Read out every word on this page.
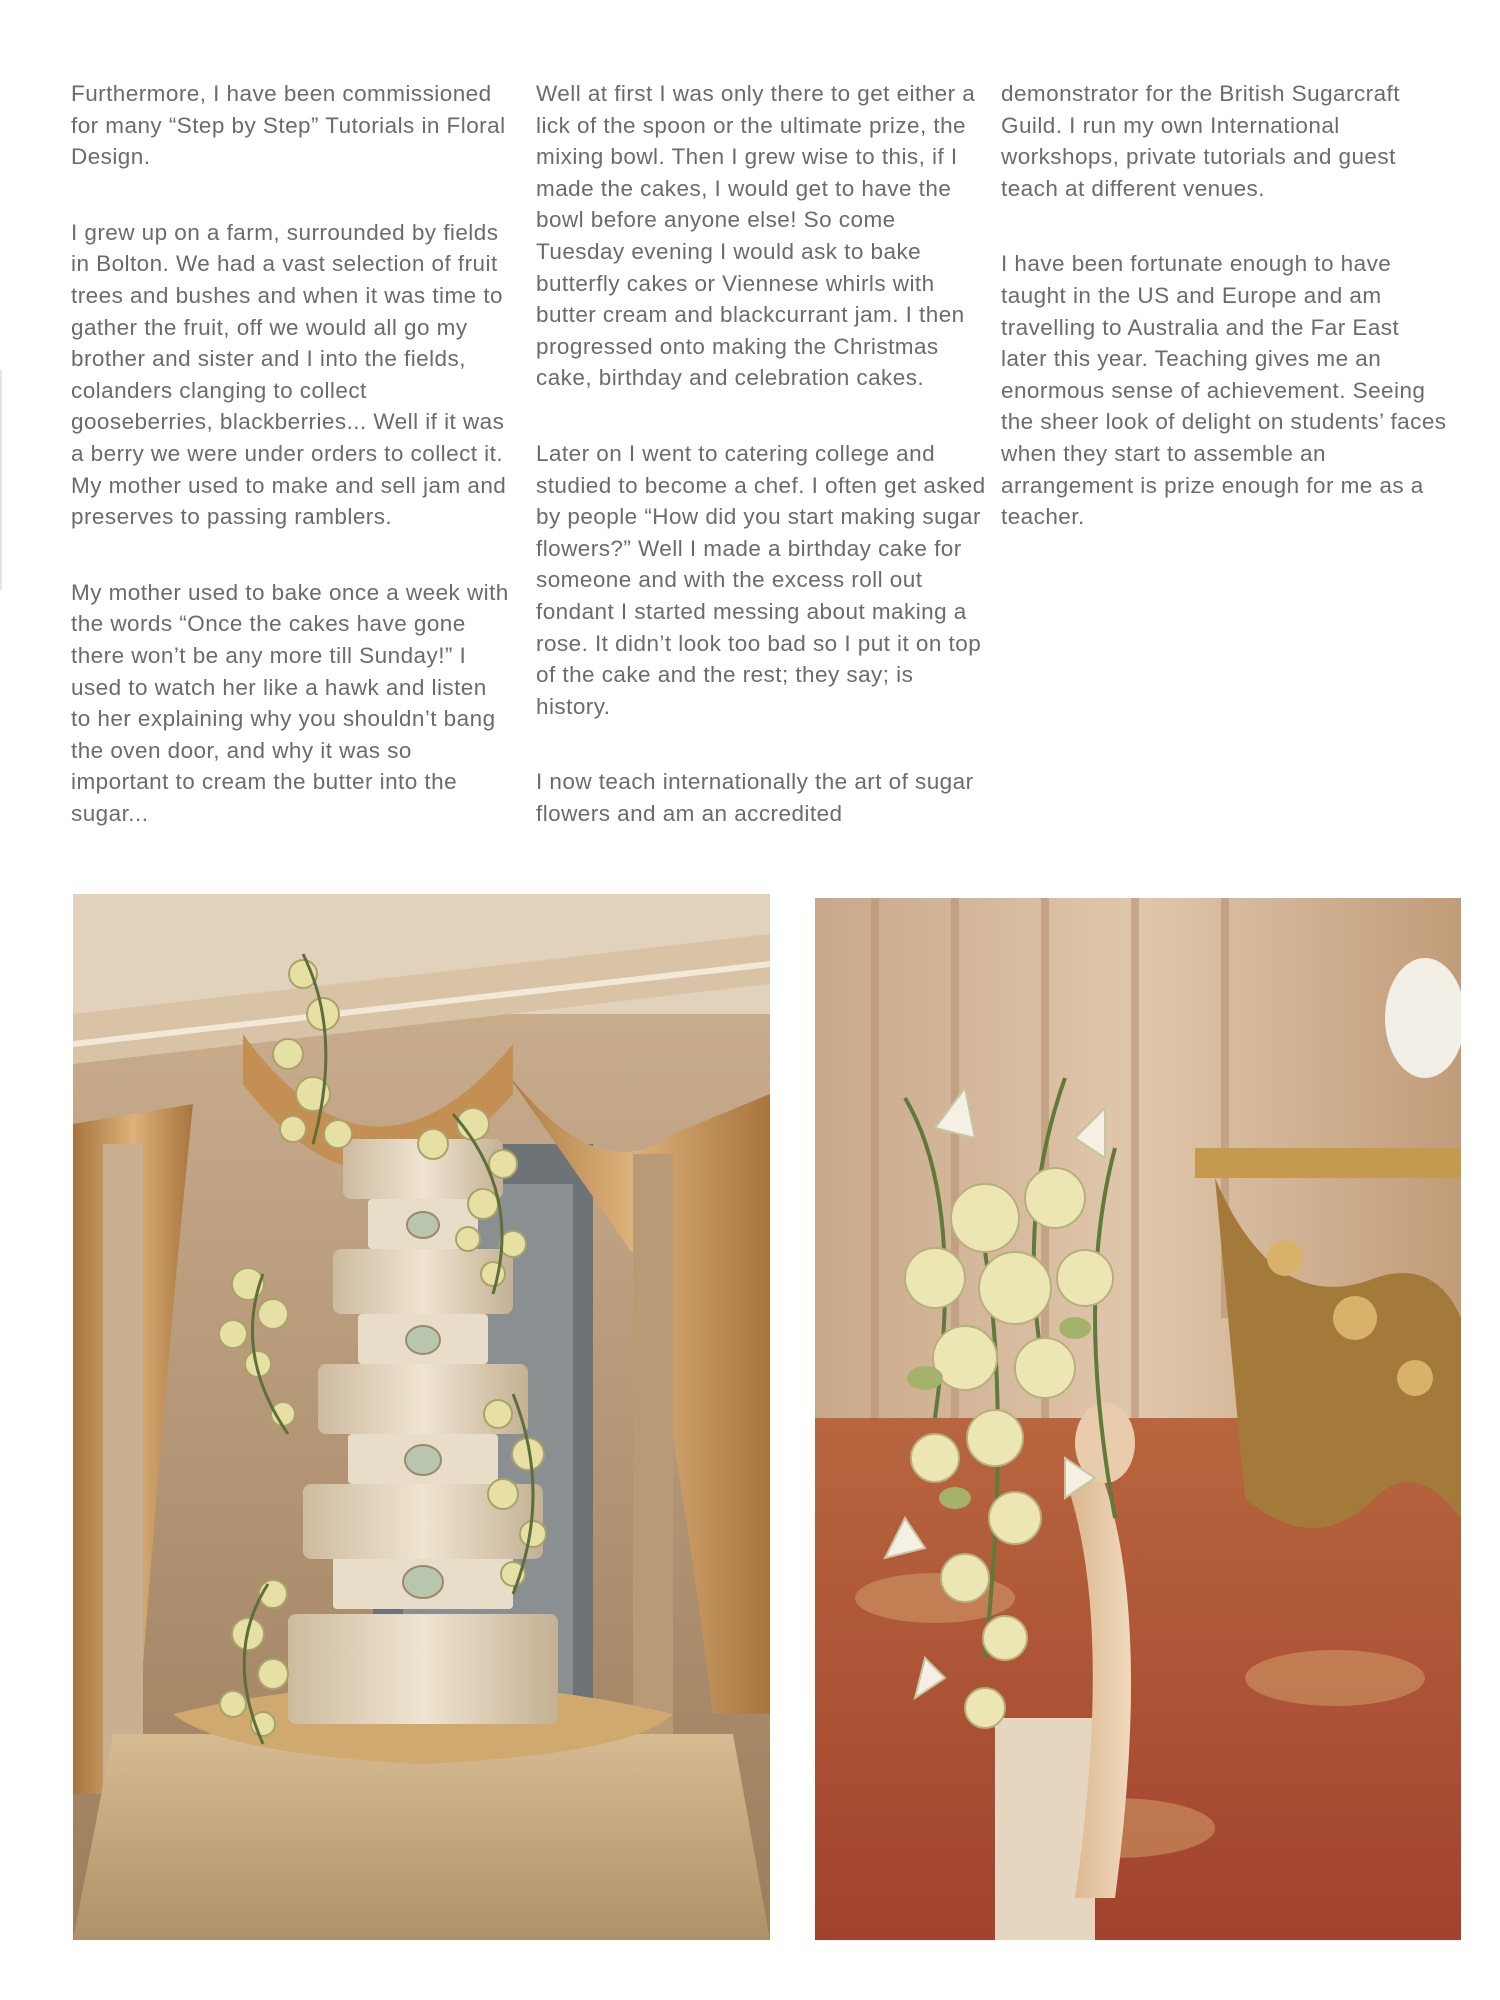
Furthermore, I have been commissioned for many “Step by Step” Tutorials in Floral Design.

I grew up on a farm, surrounded by fields in Bolton. We had a vast selection of fruit trees and bushes and when it was time to gather the fruit, off we would all go my brother and sister and I into the fields, colanders clanging to collect gooseberries, blackberries... Well if it was a berry we were under orders to collect it. My mother used to make and sell jam and preserves to passing ramblers.

My mother used to bake once a week with the words “Once the cakes have gone there won’t be any more till Sunday!” I used to watch her like a hawk and listen to her explaining why you shouldn’t bang the oven door, and why it was so important to cream the butter into the sugar...

Well at first I was only there to get either a lick of the spoon or the ultimate prize, the mixing bowl. Then I grew wise to this, if I made the cakes, I would get to have the bowl before anyone else! So come Tuesday evening I would ask to bake butterfly cakes or Viennese whirls with butter cream and blackcurrant jam. I then progressed onto making the Christmas cake, birthday and celebration cakes.

Later on I went to catering college and studied to become a chef. I often get asked by people “How did you start making sugar flowers?” Well I made a birthday cake for someone and with the excess roll out fondant I started messing about making a rose. It didn’t look too bad so I put it on top of the cake and the rest; they say; is history.

I now teach internationally the art of sugar flowers and am an accredited

demonstrator for the British Sugarcraft Guild. I run my own International workshops, private tutorials and guest teach at different venues.

I have been fortunate enough to have taught in the US and Europe and am travelling to Australia and the Far East later this year. Teaching gives me an enormous sense of achievement. Seeing the sheer look of delight on students’ faces when they start to assemble an arrangement is prize enough for me as a teacher.
